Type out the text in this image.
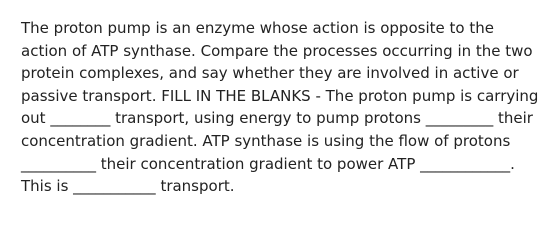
The proton pump is an enzyme whose action is opposite to the action of ATP synthase. Compare the processes occurring in the two protein complexes, and say whether they are involved in active or passive transport. FILL IN THE BLANKS - The proton pump is carrying out ________ transport, using energy to pump protons _________ their concentration gradient. ATP synthase is using the flow of protons __________ their concentration gradient to power ATP ____________. This is ___________ transport.
